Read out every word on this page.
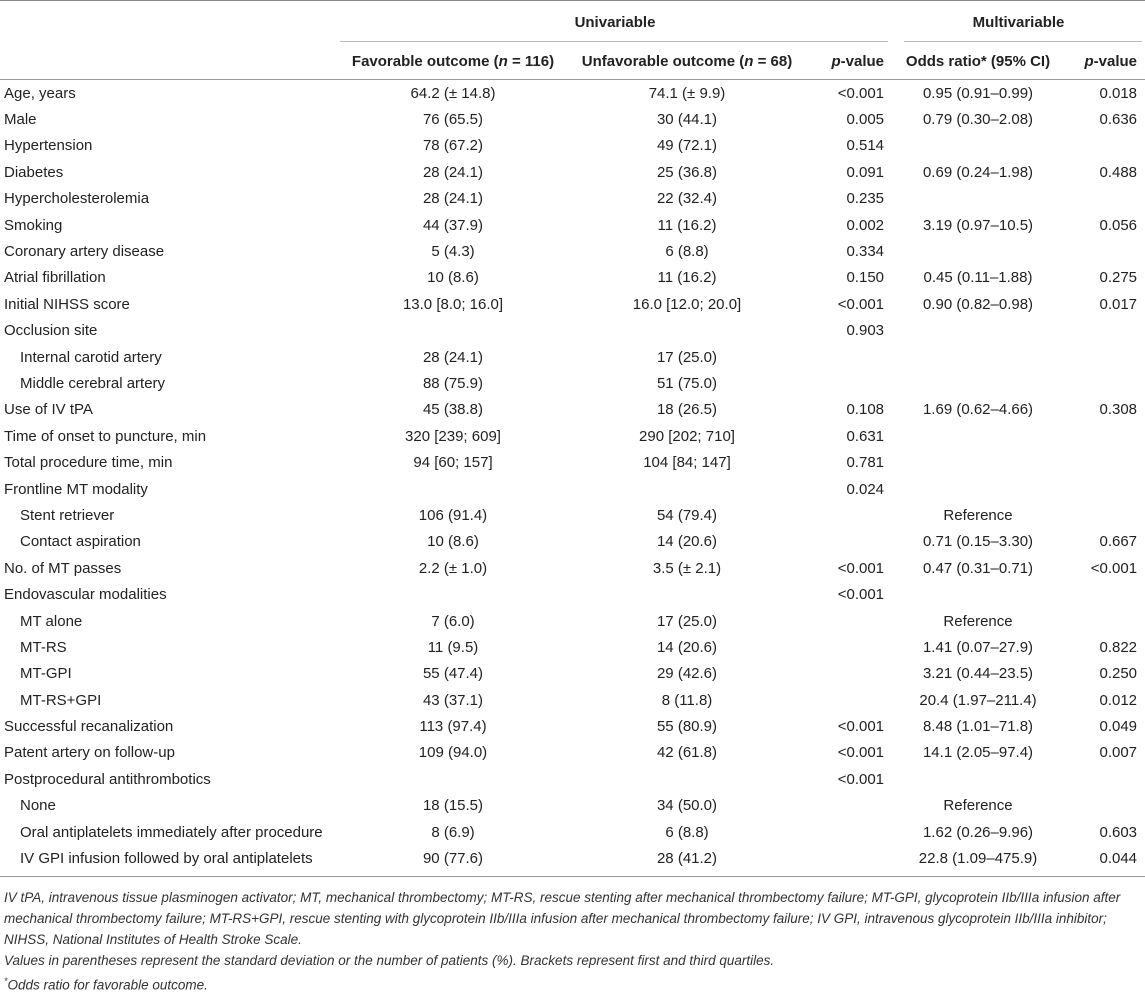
	Univariable			Multivariable	
	Favorable outcome (n = 116)	Unfavorable outcome (n = 68)	p-value	Odds ratio* (95% CI)	p-value
Age, years	64.2 (± 14.8)	74.1 (± 9.9)	<0.001	0.95 (0.91–0.99)	0.018
Male	76 (65.5)	30 (44.1)	0.005	0.79 (0.30–2.08)	0.636
Hypertension	78 (67.2)	49 (72.1)	0.514		
Diabetes	28 (24.1)	25 (36.8)	0.091	0.69 (0.24–1.98)	0.488
Hypercholesterolemia	28 (24.1)	22 (32.4)	0.235		
Smoking	44 (37.9)	11 (16.2)	0.002	3.19 (0.97–10.5)	0.056
Coronary artery disease	5 (4.3)	6 (8.8)	0.334		
Atrial fibrillation	10 (8.6)	11 (16.2)	0.150	0.45 (0.11–1.88)	0.275
Initial NIHSS score	13.0 [8.0; 16.0]	16.0 [12.0; 20.0]	<0.001	0.90 (0.82–0.98)	0.017
Occlusion site			0.903		
Internal carotid artery	28 (24.1)	17 (25.0)			
Middle cerebral artery	88 (75.9)	51 (75.0)			
Use of IV tPA	45 (38.8)	18 (26.5)	0.108	1.69 (0.62–4.66)	0.308
Time of onset to puncture, min	320 [239; 609]	290 [202; 710]	0.631		
Total procedure time, min	94 [60; 157]	104 [84; 147]	0.781		
Frontline MT modality			0.024		
Stent retriever	106 (91.4)	54 (79.4)		Reference	
Contact aspiration	10 (8.6)	14 (20.6)		0.71 (0.15–3.30)	0.667
No. of MT passes	2.2 (± 1.0)	3.5 (± 2.1)	<0.001	0.47 (0.31–0.71)	<0.001
Endovascular modalities			<0.001		
MT alone	7 (6.0)	17 (25.0)		Reference	
MT-RS	11 (9.5)	14 (20.6)		1.41 (0.07–27.9)	0.822
MT-GPI	55 (47.4)	29 (42.6)		3.21 (0.44–23.5)	0.250
MT-RS+GPI	43 (37.1)	8 (11.8)		20.4 (1.97–211.4)	0.012
Successful recanalization	113 (97.4)	55 (80.9)	<0.001	8.48 (1.01–71.8)	0.049
Patent artery on follow-up	109 (94.0)	42 (61.8)	<0.001	14.1 (2.05–97.4)	0.007
Postprocedural antithrombotics			<0.001		
None	18 (15.5)	34 (50.0)		Reference	
Oral antiplatelets immediately after procedure	8 (6.9)	6 (8.8)		1.62 (0.26–9.96)	0.603
IV GPI infusion followed by oral antiplatelets	90 (77.6)	28 (41.2)		22.8 (1.09–475.9)	0.044

IV tPA, intravenous tissue plasminogen activator; MT, mechanical thrombectomy; MT-RS, rescue stenting after mechanical thrombectomy failure; MT-GPI, glycoprotein IIb/IIIa infusion after mechanical thrombectomy failure; MT-RS+GPI, rescue stenting with glycoprotein IIb/IIIa infusion after mechanical thrombectomy failure; IV GPI, intravenous glycoprotein IIb/IIIa inhibitor; NIHSS, National Institutes of Health Stroke Scale.

Values in parentheses represent the standard deviation or the number of patients (%). Brackets represent first and third quartiles.

*Odds ratio for favorable outcome.
